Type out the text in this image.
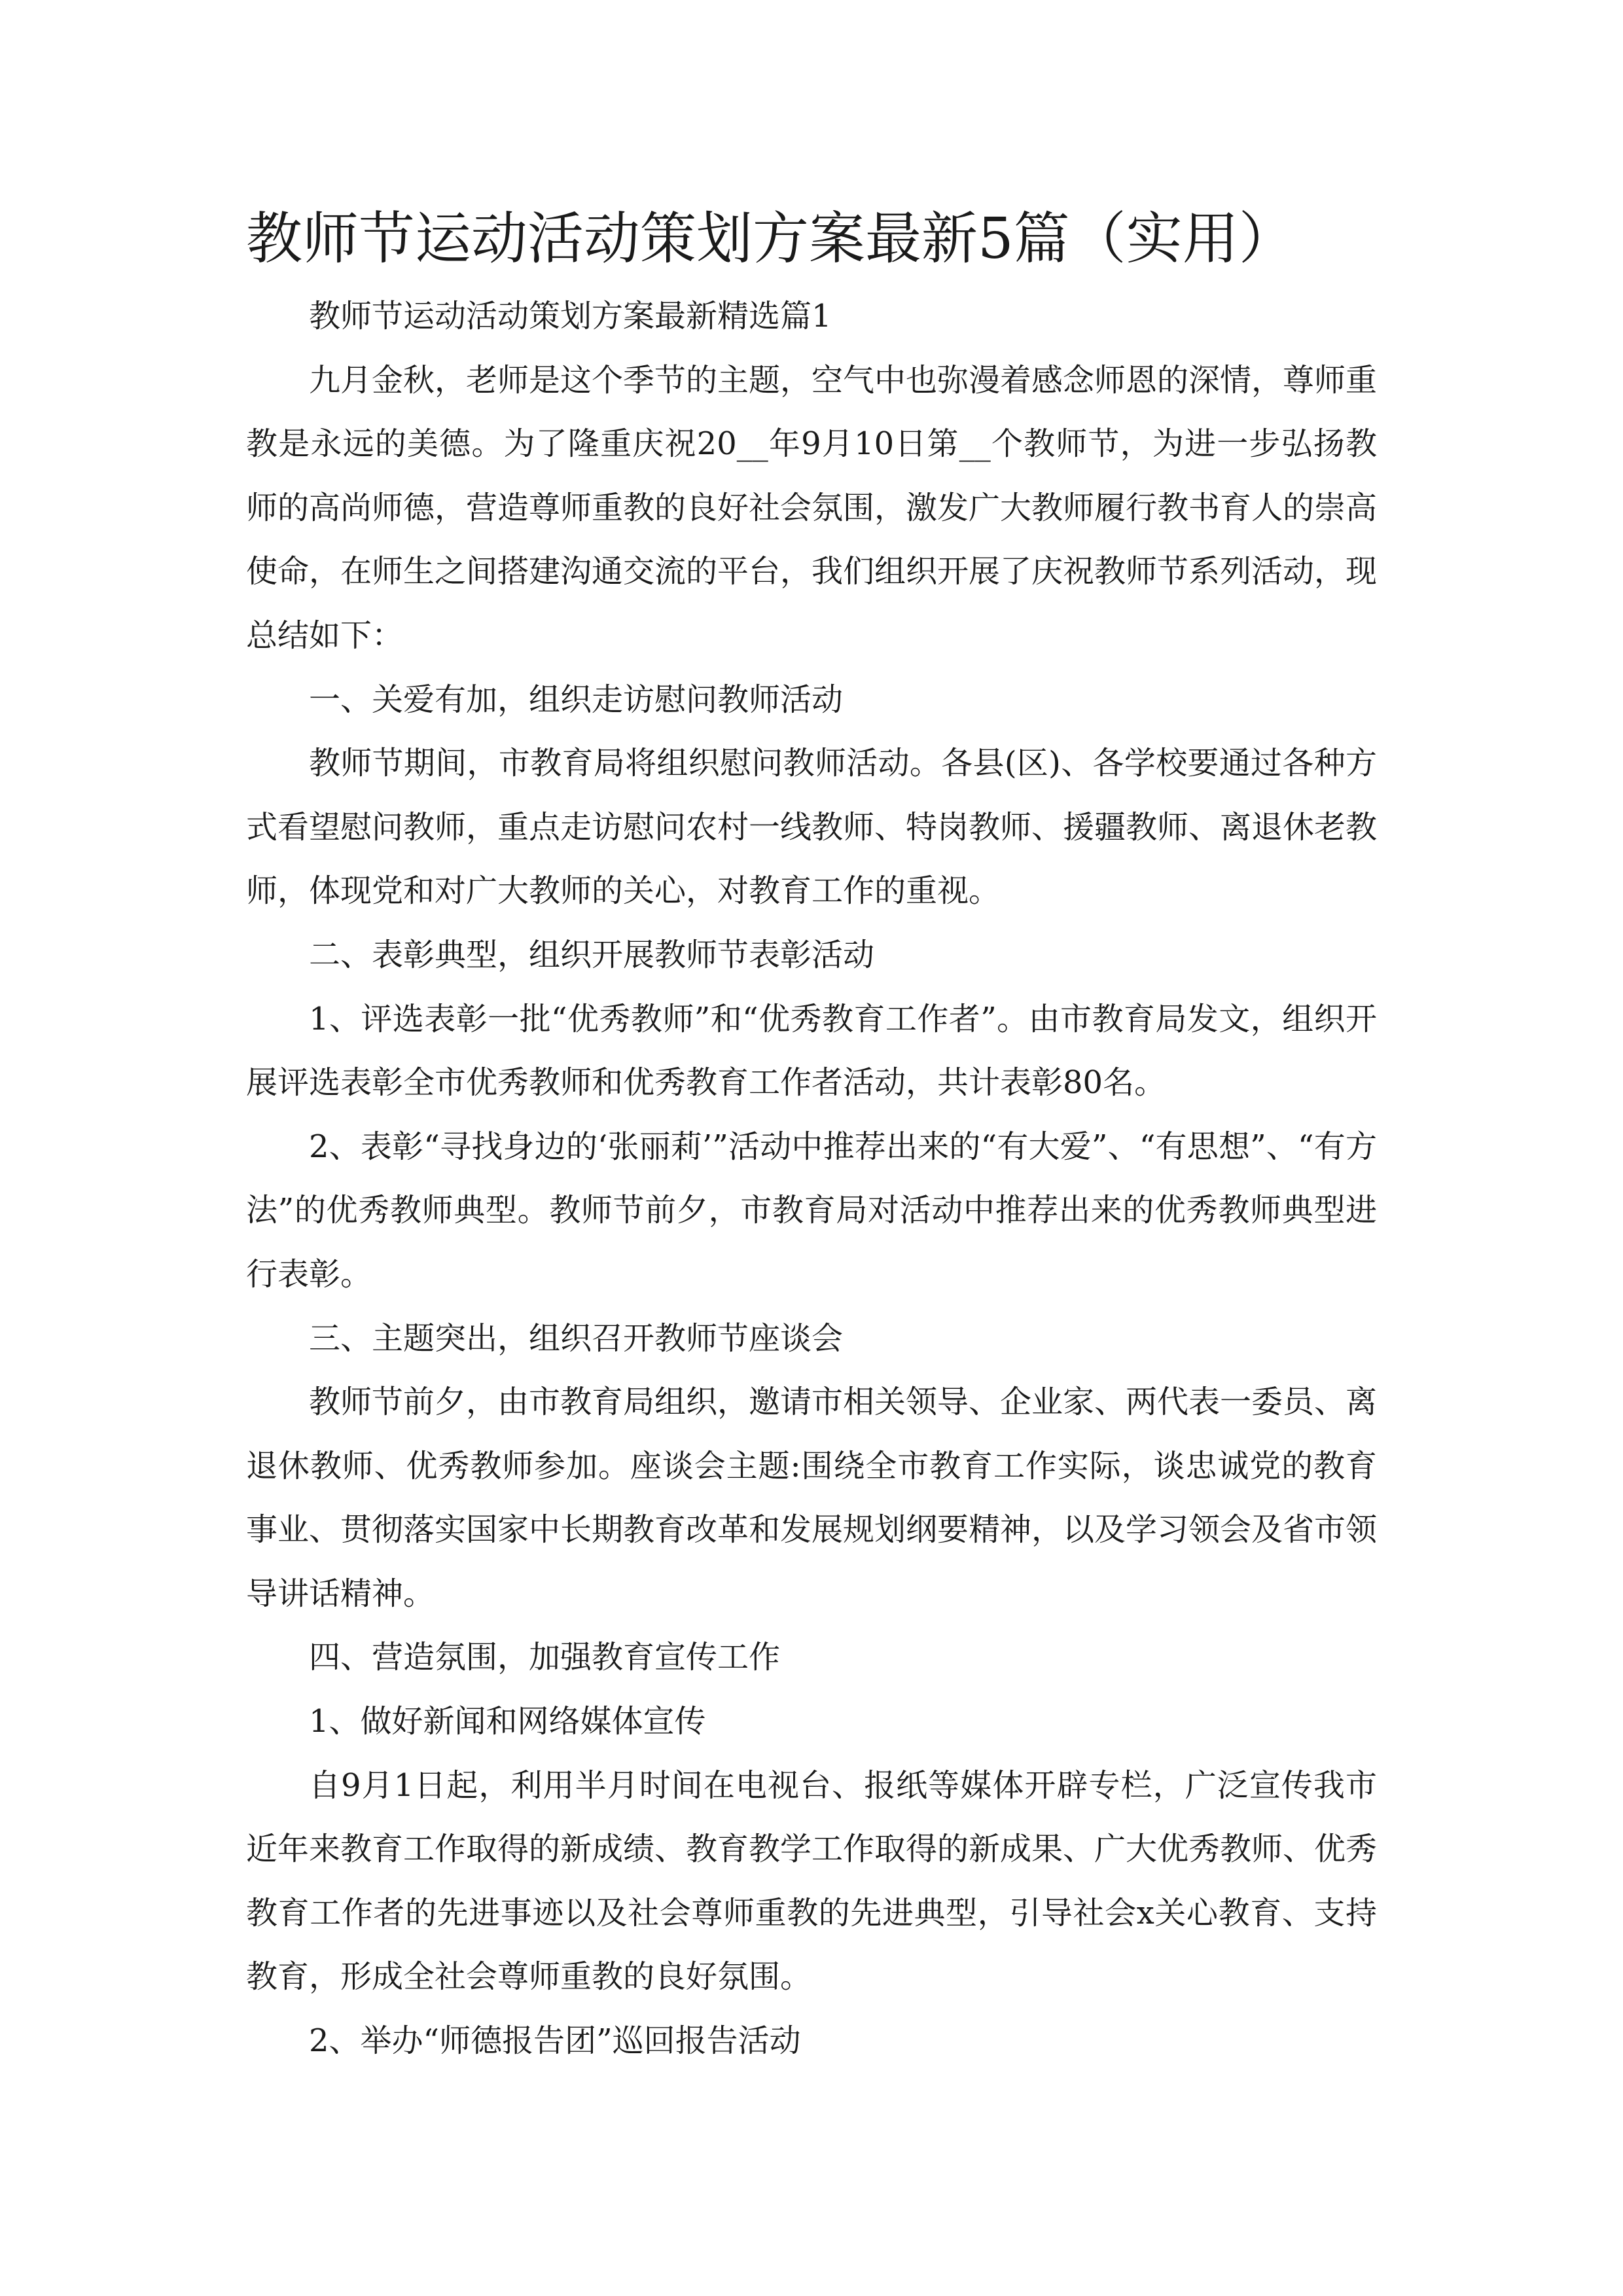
教师节运动活动策划方案最新5篇（实用）

教师节运动活动策划方案最新精选篇1

九月金秋，老师是这个季节的主题，空气中也弥漫着感念师恩的深情，尊师重教是永远的美德。为了隆重庆祝20__年9月10日第__个教师节，为进一步弘扬教师的高尚师德，营造尊师重教的良好社会氛围，激发广大教师履行教书育人的崇高使命，在师生之间搭建沟通交流的平台，我们组织开展了庆祝教师节系列活动，现总结如下：

一、关爱有加，组织走访慰问教师活动

教师节期间，市教育局将组织慰问教师活动。各县(区)、各学校要通过各种方式看望慰问教师，重点走访慰问农村一线教师、特岗教师、援疆教师、离退休老教师，体现党和对广大教师的关心，对教育工作的重视。

二、表彰典型，组织开展教师节表彰活动

1、评选表彰一批“优秀教师”和“优秀教育工作者”。由市教育局发文，组织开展评选表彰全市优秀教师和优秀教育工作者活动，共计表彰80名。

2、表彰“寻找身边的‘张丽莉’”活动中推荐出来的“有大爱”、“有思想”、“有方法”的优秀教师典型。教师节前夕，市教育局对活动中推荐出来的优秀教师典型进行表彰。

三、主题突出，组织召开教师节座谈会

教师节前夕，由市教育局组织，邀请市相关领导、企业家、两代表一委员、离退休教师、优秀教师参加。座谈会主题:围绕全市教育工作实际，谈忠诚党的教育事业、贯彻落实国家中长期教育改革和发展规划纲要精神，以及学习领会及省市领导讲话精神。

四、营造氛围，加强教育宣传工作

1、做好新闻和网络媒体宣传

自9月1日起，利用半月时间在电视台、报纸等媒体开辟专栏，广泛宣传我市近年来教育工作取得的新成绩、教育教学工作取得的新成果、广大优秀教师、优秀教育工作者的先进事迹以及社会尊师重教的先进典型，引导社会x关心教育、支持教育，形成全社会尊师重教的良好氛围。

2、举办“师德报告团”巡回报告活动
